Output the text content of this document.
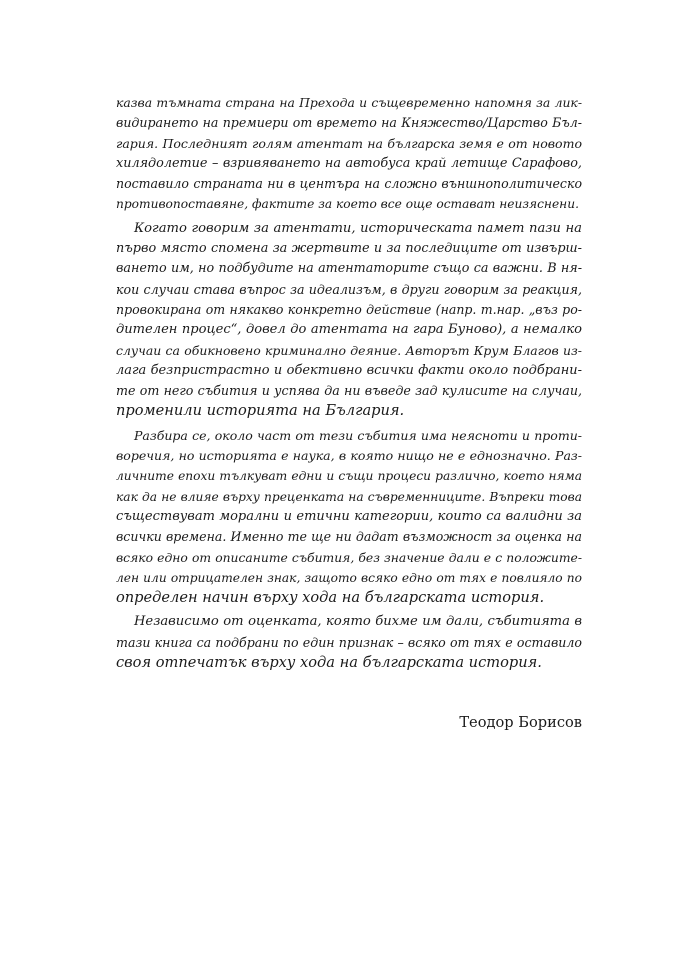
казва тъмната страна на Прехода и същевременно напомня за лик-
видирането на премиери от времето на Княжество/Царство Бъл-
гария. Последният голям атентат на българска земя е от новото
хилядолетие – взривяването на автобуса край летище Сарафово,
поставило страната ни в центъра на сложно външнополитическо
противопоставяне, фактите за което все още остават неизяснени.
Когато говорим за атентати, историческата памет пази на
първо място спомена за жертвите и за последиците от извърш-
ването им, но подбудите на атентаторите също са важни. В ня-
кои случаи става въпрос за идеализъм, в други говорим за реакция,
провокирана от някакво конкретно действие (напр. т.нар. „въз ро-
дителен процес“, довел до атентата на гара Буново), а немалко
случаи са обикновено криминално деяние. Авторът Крум Благов из-
лага безпристрастно и обективно всички факти около подбрани-
те от него събития и успява да ни въведе зад кулисите на случаи,
променили историята на България.
Разбира се, около част от тези събития има неясноти и проти-
воречия, но историята е наука, в която нищо не е еднозначно. Раз-
личните епохи тълкуват едни и същи процеси различно, което няма
как да не влияе върху преценката на съвременниците. Въпреки това
съществуват морални и етични категории, които са валидни за
всички времена. Именно те ще ни дадат възможност за оценка на
всяко едно от описаните събития, без значение дали е с положите-
лен или отрицателен знак, защото всяко едно от тях е повлияло по
определен начин върху хода на българската история.
Независимо от оценката, която бихме им дали, събитията в
тази книга са подбрани по един признак – всяко от тях е оставило
своя отпечатък върху хода на българската история.
Теодор Борисов
